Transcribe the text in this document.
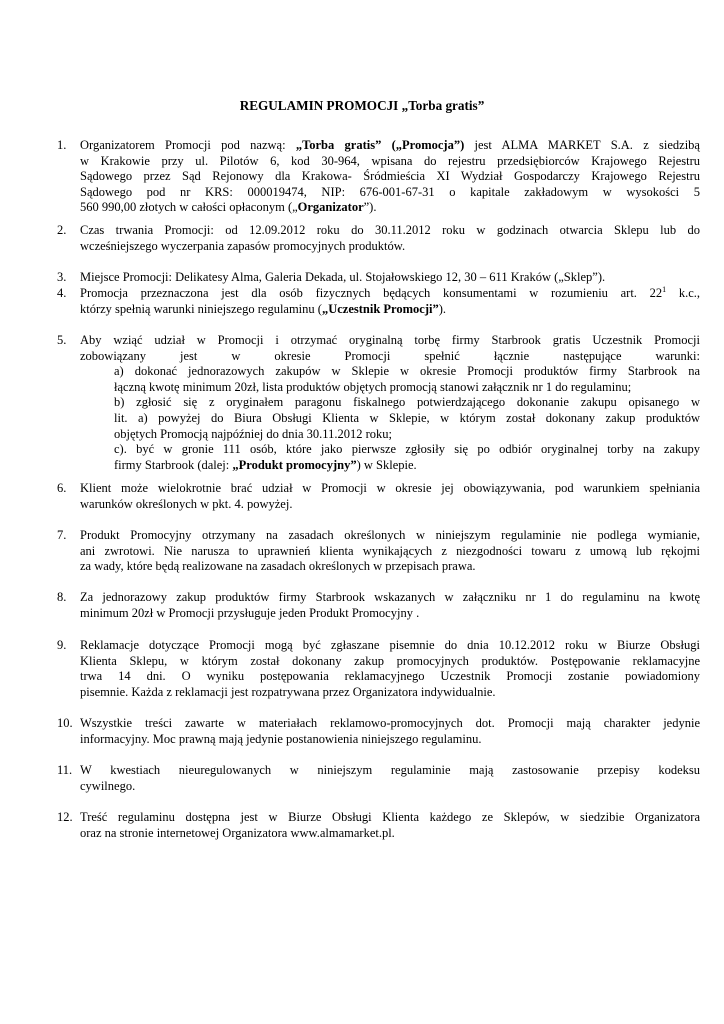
REGULAMIN PROMOCJI „Torba gratis”
1.	Organizatorem Promocji pod nazwą: „Torba gratis” („Promocja”) jest ALMA MARKET S.A. z siedzibą
w Krakowie przy ul. Pilotów 6, kod 30-964, wpisana do rejestru przedsiębiorców Krajowego Rejestru
Sądowego przez Sąd Rejonowy dla Krakowa- Śródmieścia XI Wydział Gospodarczy Krajowego Rejestru
Sądowego pod nr KRS: 000019474, NIP: 676-001-67-31 o kapitale zakładowym w wysokości 5
560 990,00 złotych w całości opłaconym („Organizator”).
2.	Czas trwania Promocji: od 12.09.2012 roku do 30.11.2012 roku w godzinach otwarcia Sklepu lub do
wcześniejszego wyczerpania zapasów promocyjnych produktów.
3.	Miejsce Promocji: Delikatesy Alma, Galeria Dekada, ul. Stojałowskiego 12, 30 – 611 Kraków („Sklep”).
4.	Promocja przeznaczona jest dla osób fizycznych będących konsumentami w rozumieniu art. $22^1$ k.c.,
którzy spełnią warunki niniejszego regulaminu („Uczestnik Promocji”).
5.	Aby wziąć udział w Promocji i otrzymać oryginalną torbę firmy Starbrook gratis Uczestnik Promocji
zobowiązany jest w okresie Promocji spełnić łącznie następujące warunki:
a) dokonać jednorazowych zakupów w Sklepie w okresie Promocji produktów firmy Starbrook na
łączną kwotę minimum 20zł, lista produktów objętych promocją stanowi załącznik nr 1 do regulaminu;
b) zgłosić się z oryginałem paragonu fiskalnego potwierdzającego dokonanie zakupu opisanego w
lit. a) powyżej do Biura Obsługi Klienta w Sklepie, w którym został dokonany zakup produktów
objętych Promocją najpóźniej do dnia 30.11.2012 roku;
c). być w gronie 111 osób, które jako pierwsze zgłosiły się po odbiór oryginalnej torby na zakupy
firmy Starbrook (dalej: „Produkt promocyjny”) w Sklepie.
6.	Klient może wielokrotnie brać udział w Promocji w okresie jej obowiązywania, pod warunkiem spełniania
warunków określonych w pkt. 4. powyżej.
7.	Produkt Promocyjny otrzymany na zasadach określonych w niniejszym regulaminie nie podlega wymianie,
ani zwrotowi. Nie narusza to uprawnień klienta wynikających z niezgodności towaru z umową lub rękojmi
za wady, które będą realizowane na zasadach określonych w przepisach prawa.
8.	Za jednorazowy zakup produktów firmy Starbrook wskazanych w załączniku nr 1 do regulaminu na kwotę
minimum 20zł w Promocji przysługuje jeden Produkt Promocyjny .
9.	Reklamacje dotyczące Promocji mogą być zgłaszane pisemnie do dnia 10.12.2012 roku w Biurze Obsługi
Klienta Sklepu, w którym został dokonany zakup promocyjnych produktów. Postępowanie reklamacyjne
trwa 14 dni. O wyniku postępowania reklamacyjnego Uczestnik Promocji zostanie powiadomiony
pisemnie. Każda z reklamacji jest rozpatrywana przez Organizatora indywidualnie.
10. Wszystkie treści zawarte w materiałach reklamowo-promocyjnych dot. Promocji mają charakter jedynie
informacyjny. Moc prawną mają jedynie postanowienia niniejszego regulaminu.
11. W kwestiach nieuregulowanych w niniejszym regulaminie mają zastosowanie przepisy kodeksu
cywilnego.
12. Treść regulaminu dostępna jest w Biurze Obsługi Klienta każdego ze Sklepów, w siedzibie Organizatora
oraz na stronie internetowej Organizatora www.almamarket.pl.
